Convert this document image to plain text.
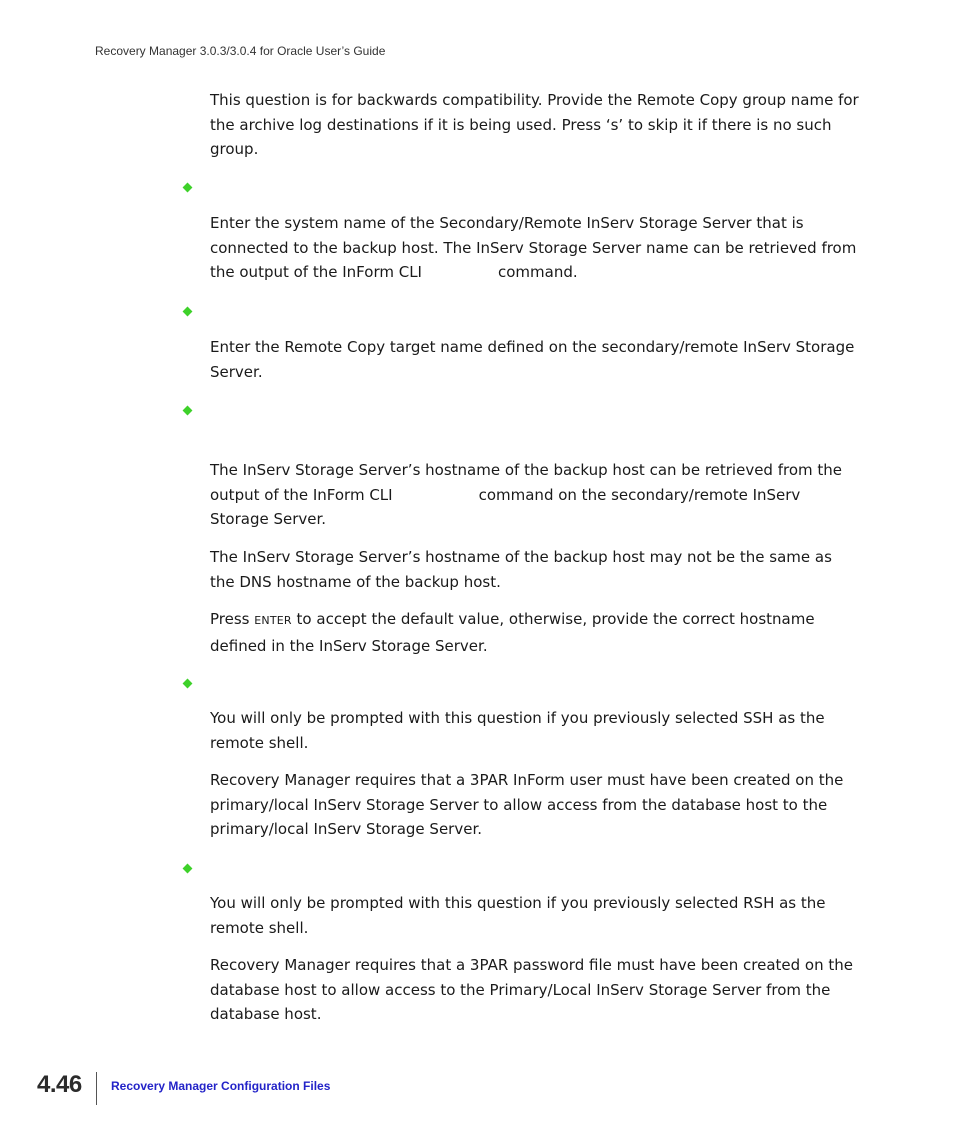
Recovery Manager 3.0.3/3.0.4 for Oracle User’s Guide

This question is for backwards compatibility. Provide the Remote Copy group name for the archive log destinations if it is being used. Press ‘s’ to skip it if there is no such group.

Enter the system name of the Secondary/Remote InServ Storage Server that is connected to the backup host. The InServ Storage Server name can be retrieved from the output of the InForm CLI	command.

Enter the Remote Copy target name defined on the secondary/remote InServ Storage Server.

The InServ Storage Server’s hostname of the backup host can be retrieved from the output of the InForm CLI	command on the secondary/remote InServ Storage Server.

The InServ Storage Server’s hostname of the backup host may not be the same as the DNS hostname of the backup host.

Press ENTER to accept the default value, otherwise, provide the correct hostname defined in the InServ Storage Server.

You will only be prompted with this question if you previously selected SSH as the remote shell.

Recovery Manager requires that a 3PAR InForm user must have been created on the primary/local InServ Storage Server to allow access from the database host to the primary/local InServ Storage Server.

You will only be prompted with this question if you previously selected RSH as the remote shell.

Recovery Manager requires that a 3PAR password file must have been created on the database host to allow access to the Primary/Local InServ Storage Server from the database host.

4.46 Recovery Manager Configuration Files
